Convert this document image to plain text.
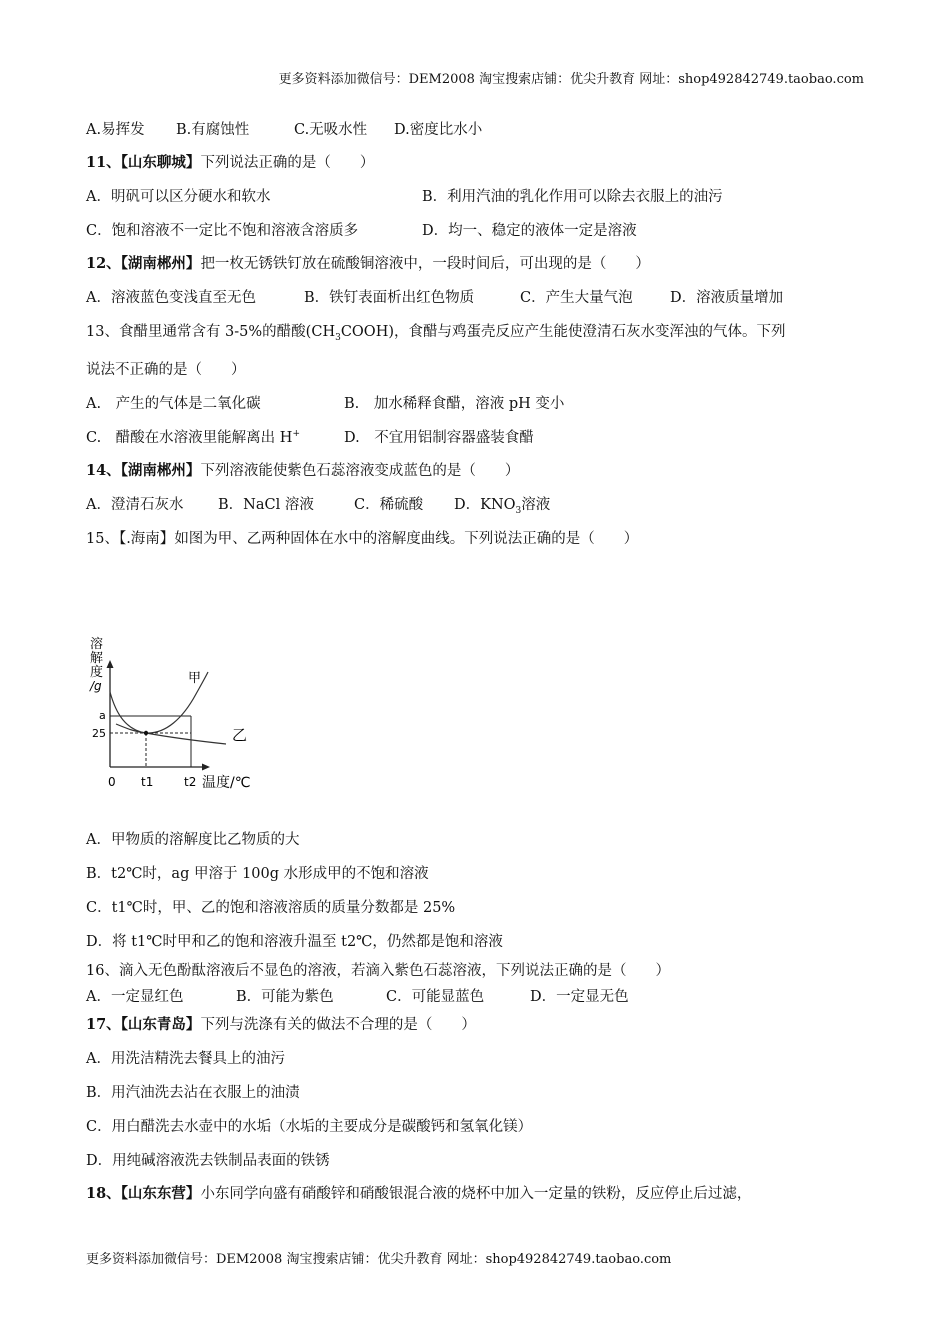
更多资料添加微信号：DEM2008 淘宝搜索店铺：优尖升教育 网址：shop492842749.taobao.com
A.易挥发	B.有腐蚀性	C.无吸水性	D.密度比水小
11、【山东聊城】下列说法正确的是（　　）
A．明矾可以区分硬水和软水	B．利用汽油的乳化作用可以除去衣服上的油污
C．饱和溶液不一定比不饱和溶液含溶质多	D．均一、稳定的液体一定是溶液
12、【湖南郴州】把一枚无锈铁钉放在硫酸铜溶液中，一段时间后，可出现的是（　　）
A．溶液蓝色变浅直至无色	B．铁钉表面析出红色物质	C．产生大量气泡	D．溶液质量增加
13、食醋里通常含有 3-5%的醋酸$(CH_3COOH)$，食醋与鸡蛋壳反应产生能使澄清石灰水变浑浊的气体。下列
说法不正确的是（　　）
A.　产生的气体是二氧化碳	B.　加水稀释食醋，溶液 pH 变小
C.　醋酸在水溶液里能解离出 H+	D.　不宜用铝制容器盛装食醋
14、【湖南郴州】下列溶液能使紫色石蕊溶液变成蓝色的是（　　）
A．澄清石灰水	B．NaCl 溶液	C．稀硫酸	D．$KNO_3$溶液
15、【.海南】如图为甲、乙两种固体在水中的溶解度曲线。下列说法正确的是（　　）
溶
解
度
/g	甲
乙
a
25
0 t1	t2 温度/℃
A．甲物质的溶解度比乙物质的大
B．t2℃时，ag 甲溶于 100g 水形成甲的不饱和溶液
C．t1℃时，甲、乙的饱和溶液溶质的质量分数都是 25%
D．将 t1℃时甲和乙的饱和溶液升温至 t2℃，仍然都是饱和溶液
16、滴入无色酚酞溶液后不显色的溶液，若滴入紫色石蕊溶液，下列说法正确的是（　　）
A．一定显红色	B．可能为紫色	C．可能显蓝色	D．一定显无色
17、【山东青岛】下列与洗涤有关的做法不合理的是（　　）
A．用洗洁精洗去餐具上的油污
B．用汽油洗去沾在衣服上的油渍
C．用白醋洗去水壶中的水垢（水垢的主要成分是碳酸钙和氢氧化镁）
D．用纯碱溶液洗去铁制品表面的铁锈
18、【山东东营】小东同学向盛有硝酸锌和硝酸银混合液的烧杯中加入一定量的铁粉，反应停止后过滤，
更多资料添加微信号：DEM2008 淘宝搜索店铺：优尖升教育 网址：shop492842749.taobao.com
